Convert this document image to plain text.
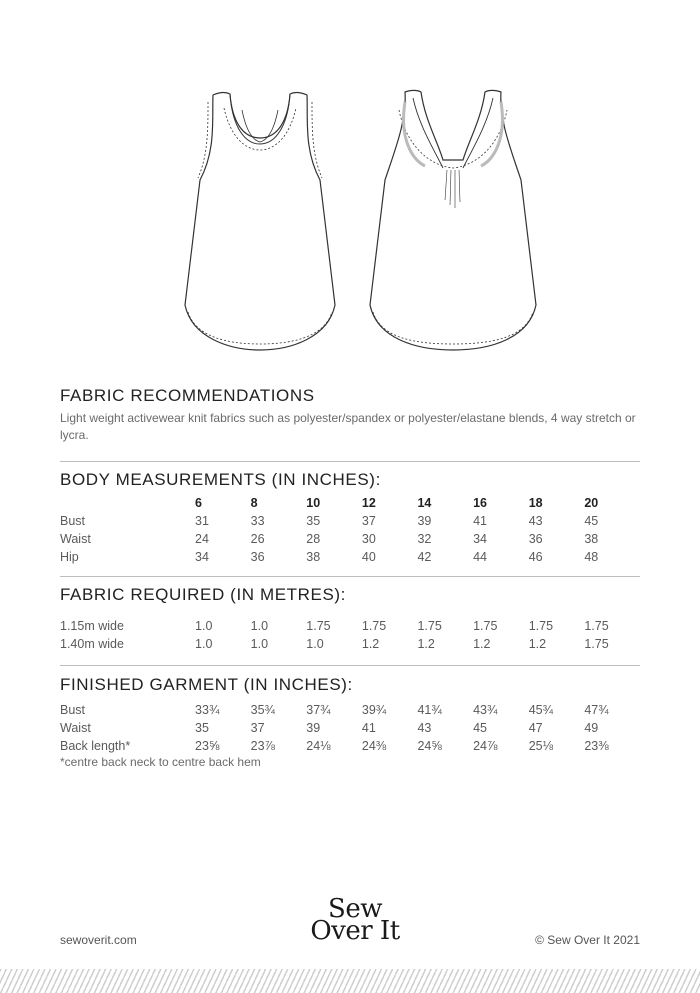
FABRIC RECOMMENDATIONS
Light weight activewear knit fabrics such as polyester/spandex or polyester/elastane blends, 4 way stretch or lycra.
BODY MEASUREMENTS (IN INCHES):
	6	8	10	12	14	16	18	20
Bust	31	33	35	37	39	41	43	45
Waist	24	26	28	30	32	34	36	38
Hip	34	36	38	40	42	44	46	48
FABRIC REQUIRED (IN METRES):
1.15m wide	1.0	1.0	1.75	1.75	1.75	1.75	1.75	1.75
1.40m wide	1.0	1.0	1.0	1.2	1.2	1.2	1.2	1.75
FINISHED GARMENT (IN INCHES):
Bust	33¾	35¾	37¾	39¾	41¾	43¾	45¾	47¾
Waist	35	37	39	41	43	45	47	49
Back length*	23⅝	23⅞	24⅛	24⅜	24⅝	24⅞	25⅛	23⅜
*centre back neck to centre back hem
sewoverit.com
Sew
Over It	© Sew Over It 2021
